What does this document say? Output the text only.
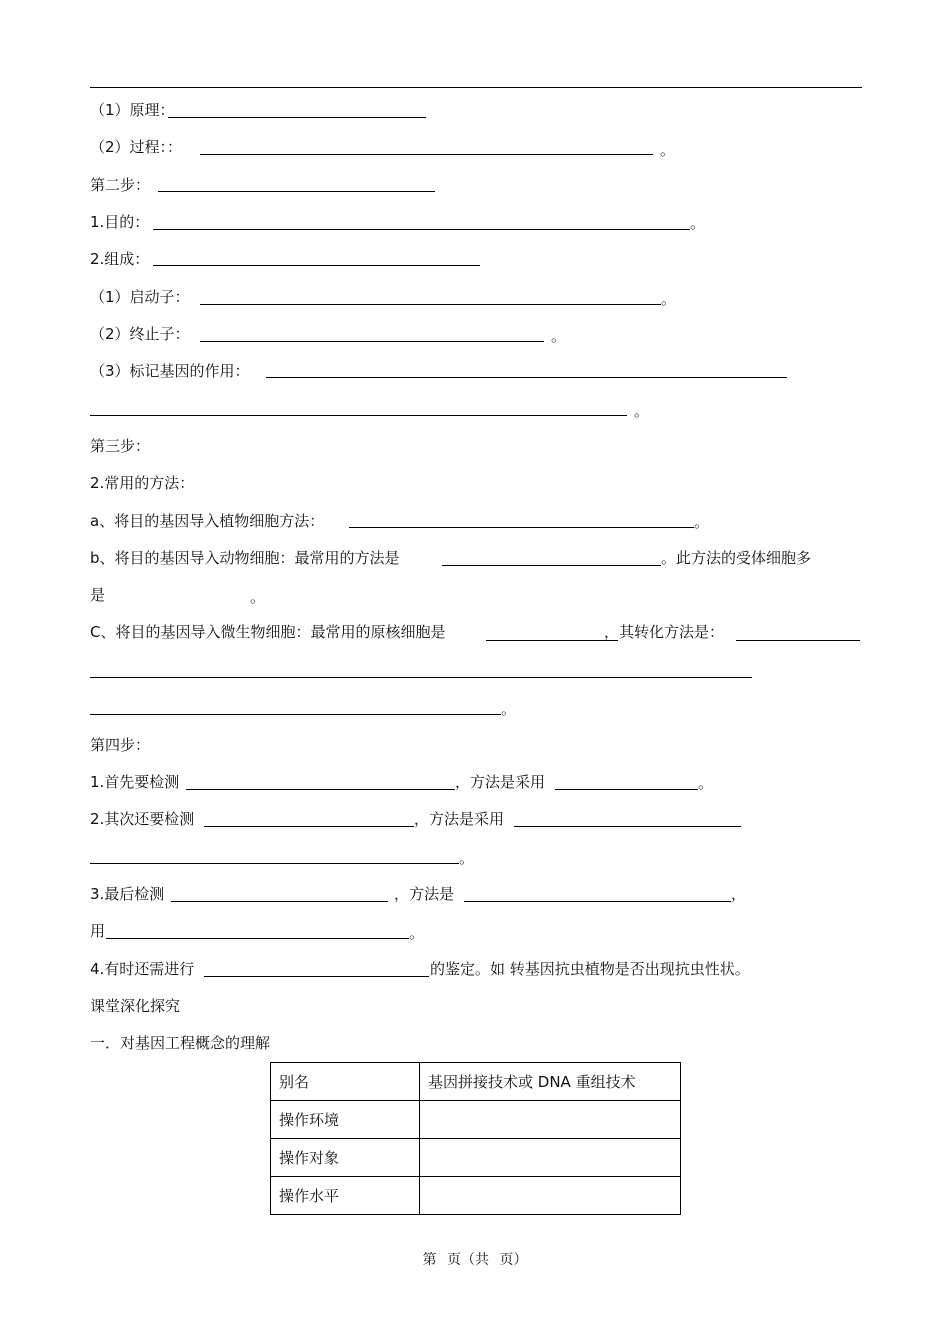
（1）原理：
（2）过程：：	。
第二步：
1.目的：	。
2.组成：
（1）启动子：	。
（2）终止子：	。
（3）标记基因的作用：
。
第三步：
2.常用的方法：
a、将目的基因导入植物细胞方法：	。
b、将目的基因导入动物细胞：最常用的方法是	。此方法的受体细胞多
是	。
C、将目的基因导入微生物细胞：最常用的原核细胞是	，其转化方法是：
。
第四步：
1.首先要检测	，方法是采用	。
2.其次还要检测	，方法是采用
。
3.最后检测	，方法是	，
用	。
4.有时还需进行	的鉴定。如 转基因抗虫植物是否出现抗虫性状。
课堂深化探究
一．对基因工程概念的理解
别名	基因拼接技术或 DNA 重组技术
操作环境	
操作对象	
操作水平	
第 页（共 页）
